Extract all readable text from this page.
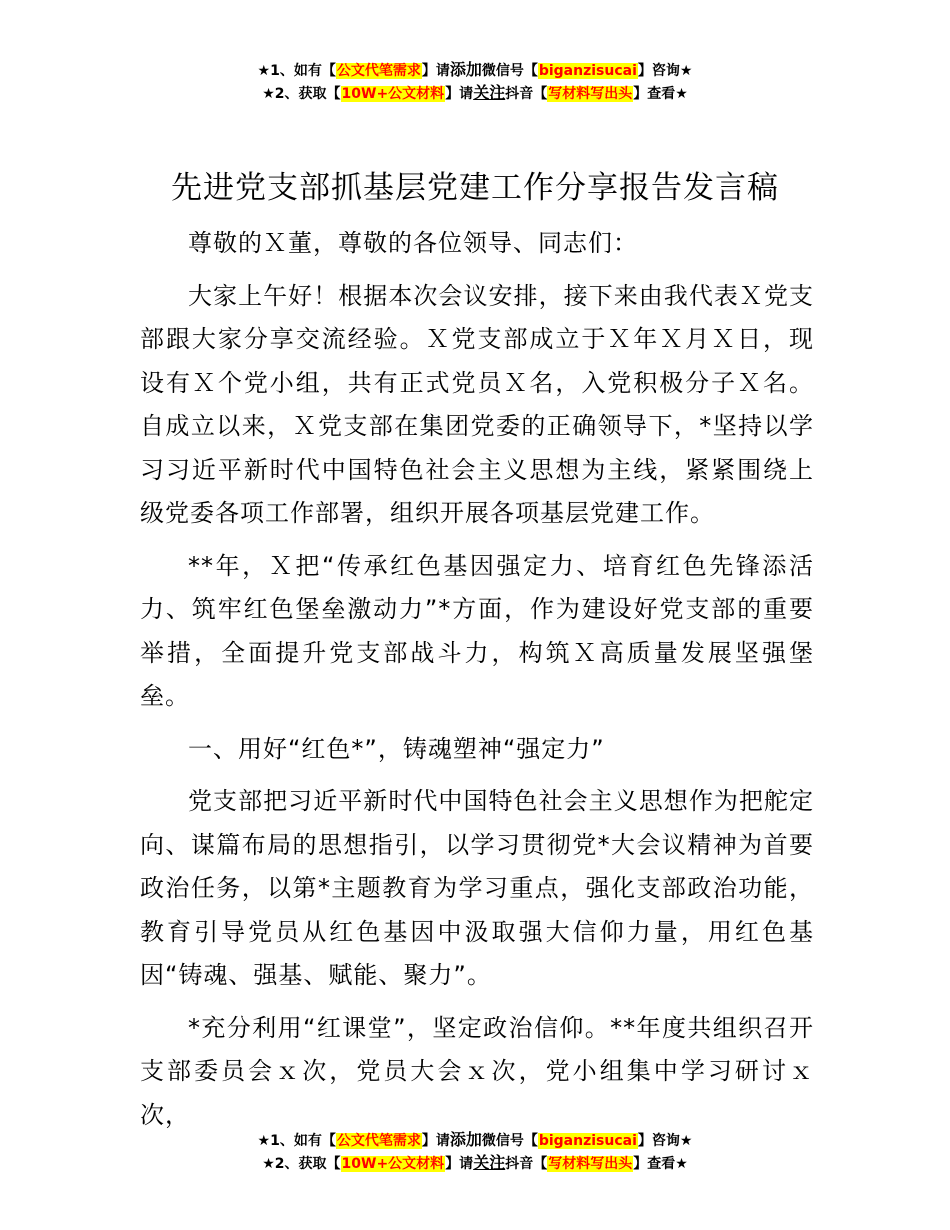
★1、如有【公文代笔需求】请添加微信号【biganzisucai】咨询★
★2、获取【10W+公文材料】请关注抖音【写材料写出头】查看★
先进党支部抓基层党建工作分享报告发言稿

尊敬的Ｘ董，尊敬的各位领导、同志们：

大家上午好！根据本次会议安排，接下来由我代表Ｘ党支部跟大家分享交流经验。Ｘ党支部成立于Ｘ年Ｘ月Ｘ日，现设有Ｘ个党小组，共有正式党员Ｘ名，入党积极分子Ｘ名。自成立以来，Ｘ党支部在集团党委的正确领导下，*坚持以学习习近平新时代中国特色社会主义思想为主线，紧紧围绕上级党委各项工作部署，组织开展各项基层党建工作。

**年，Ｘ把“传承红色基因强定力、培育红色先锋添活力、筑牢红色堡垒激动力”*方面，作为建设好党支部的重要举措，全面提升党支部战斗力，构筑Ｘ高质量发展坚强堡垒。

一、用好“红色*”，铸魂塑神“强定力”

党支部把习近平新时代中国特色社会主义思想作为把舵定向、谋篇布局的思想指引，以学习贯彻党*大会议精神为首要政治任务，以第*主题教育为学习重点，强化支部政治功能，教育引导党员从红色基因中汲取强大信仰力量，用红色基因“铸魂、强基、赋能、聚力”。

*充分利用“红课堂”，坚定政治信仰。**年度共组织召开支部委员会ｘ次，党员大会ｘ次，党小组集中学习研讨ｘ次，

★1、如有【公文代笔需求】请添加微信号【biganzisucai】咨询★
★2、获取【10W+公文材料】请关注抖音【写材料写出头】查看★
